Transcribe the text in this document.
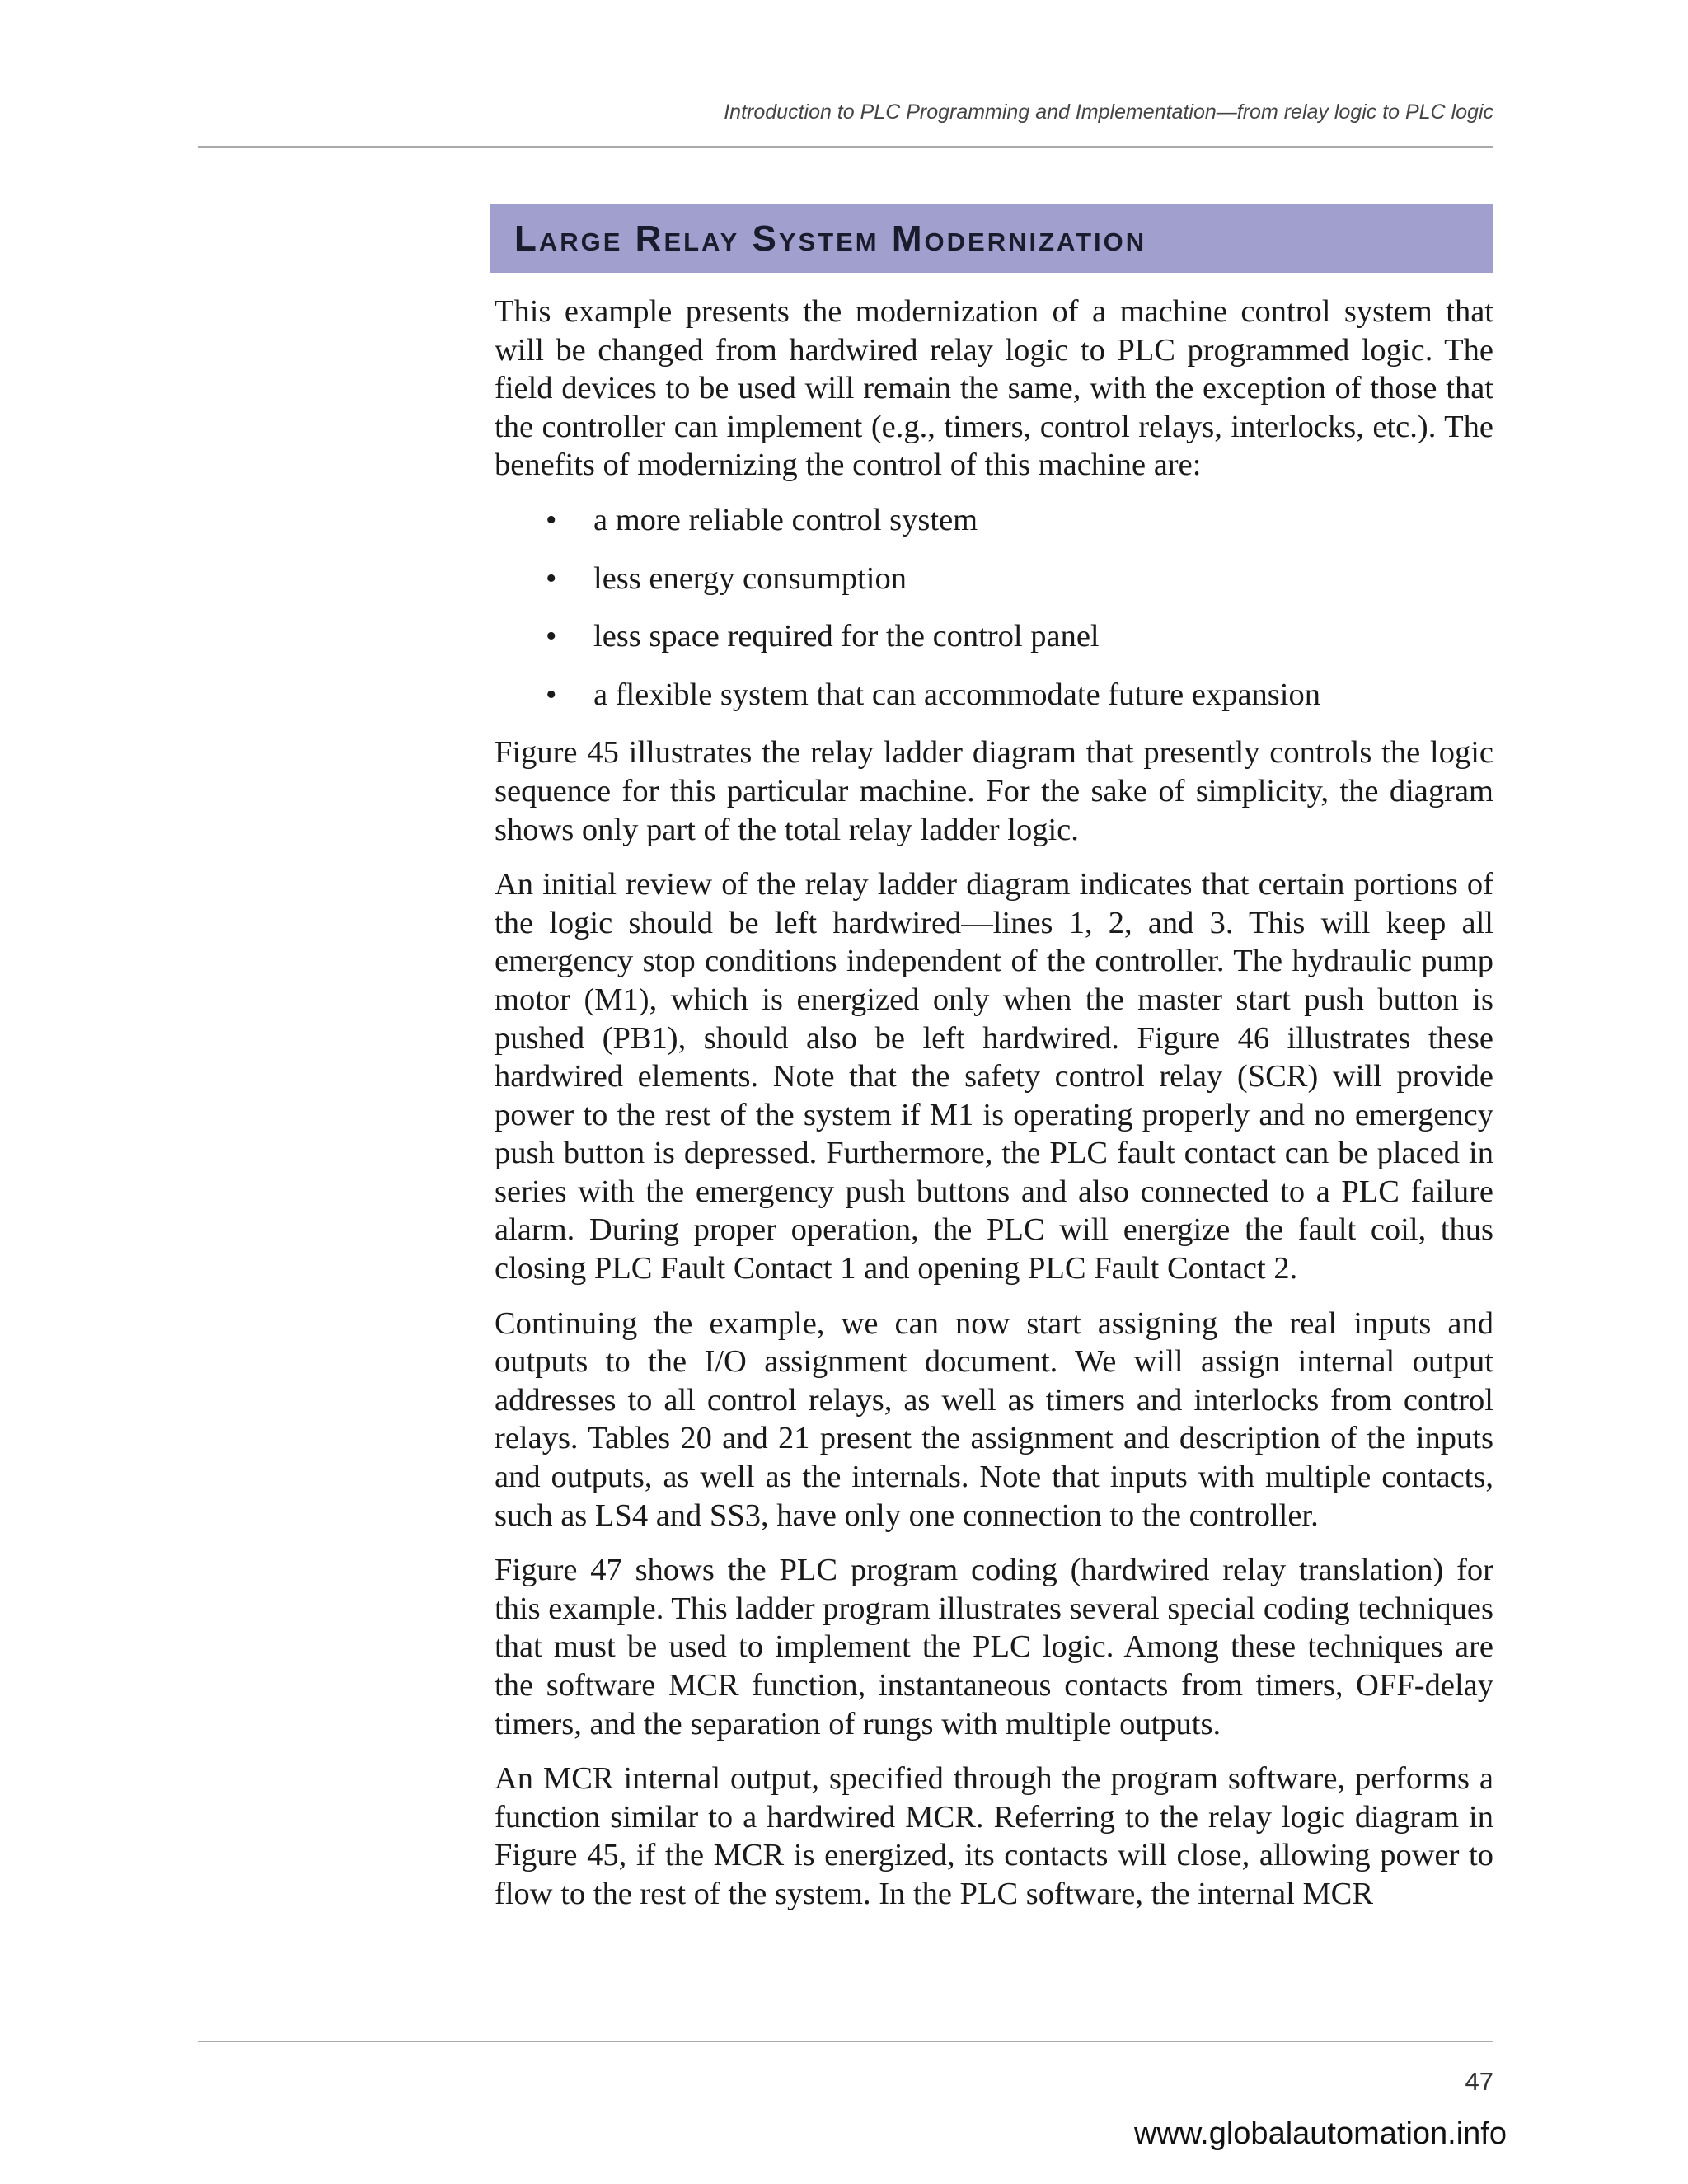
Introduction to PLC Programming and Implementation—from relay logic to PLC logic
Large Relay System Modernization

This example presents the modernization of a machine control system that will be changed from hardwired relay logic to PLC programmed logic. The field devices to be used will remain the same, with the exception of those that the controller can implement (e.g., timers, control relays, interlocks, etc.). The benefits of modernizing the control of this machine are:

• a more reliable control system
• less energy consumption
• less space required for the control panel
• a flexible system that can accommodate future expansion

Figure 45 illustrates the relay ladder diagram that presently controls the logic sequence for this particular machine. For the sake of simplicity, the diagram shows only part of the total relay ladder logic.

An initial review of the relay ladder diagram indicates that certain portions of the logic should be left hardwired—lines 1, 2, and 3. This will keep all emergency stop conditions independent of the controller. The hydraulic pump motor (M1), which is energized only when the master start push button is pushed (PB1), should also be left hardwired. Figure 46 illustrates these hardwired elements. Note that the safety control relay (SCR) will provide power to the rest of the system if M1 is operating properly and no emergency push button is depressed. Furthermore, the PLC fault contact can be placed in series with the emergency push buttons and also connected to a PLC failure alarm. During proper operation, the PLC will energize the fault coil, thus closing PLC Fault Contact 1 and opening PLC Fault Contact 2.

Continuing the example, we can now start assigning the real inputs and outputs to the I/O assignment document. We will assign internal output addresses to all control relays, as well as timers and interlocks from control relays. Tables 20 and 21 present the assignment and description of the inputs and outputs, as well as the internals. Note that inputs with multiple contacts, such as LS4 and SS3, have only one connection to the controller.

Figure 47 shows the PLC program coding (hardwired relay translation) for this example. This ladder program illustrates several special coding techniques that must be used to implement the PLC logic. Among these techniques are the software MCR function, instantaneous contacts from timers, OFF-delay timers, and the separation of rungs with multiple outputs.

An MCR internal output, specified through the program software, performs a function similar to a hardwired MCR. Referring to the relay logic diagram in Figure 45, if the MCR is energized, its contacts will close, allowing power to flow to the rest of the system. In the PLC software, the internal MCR

47
www.globalautomation.info
